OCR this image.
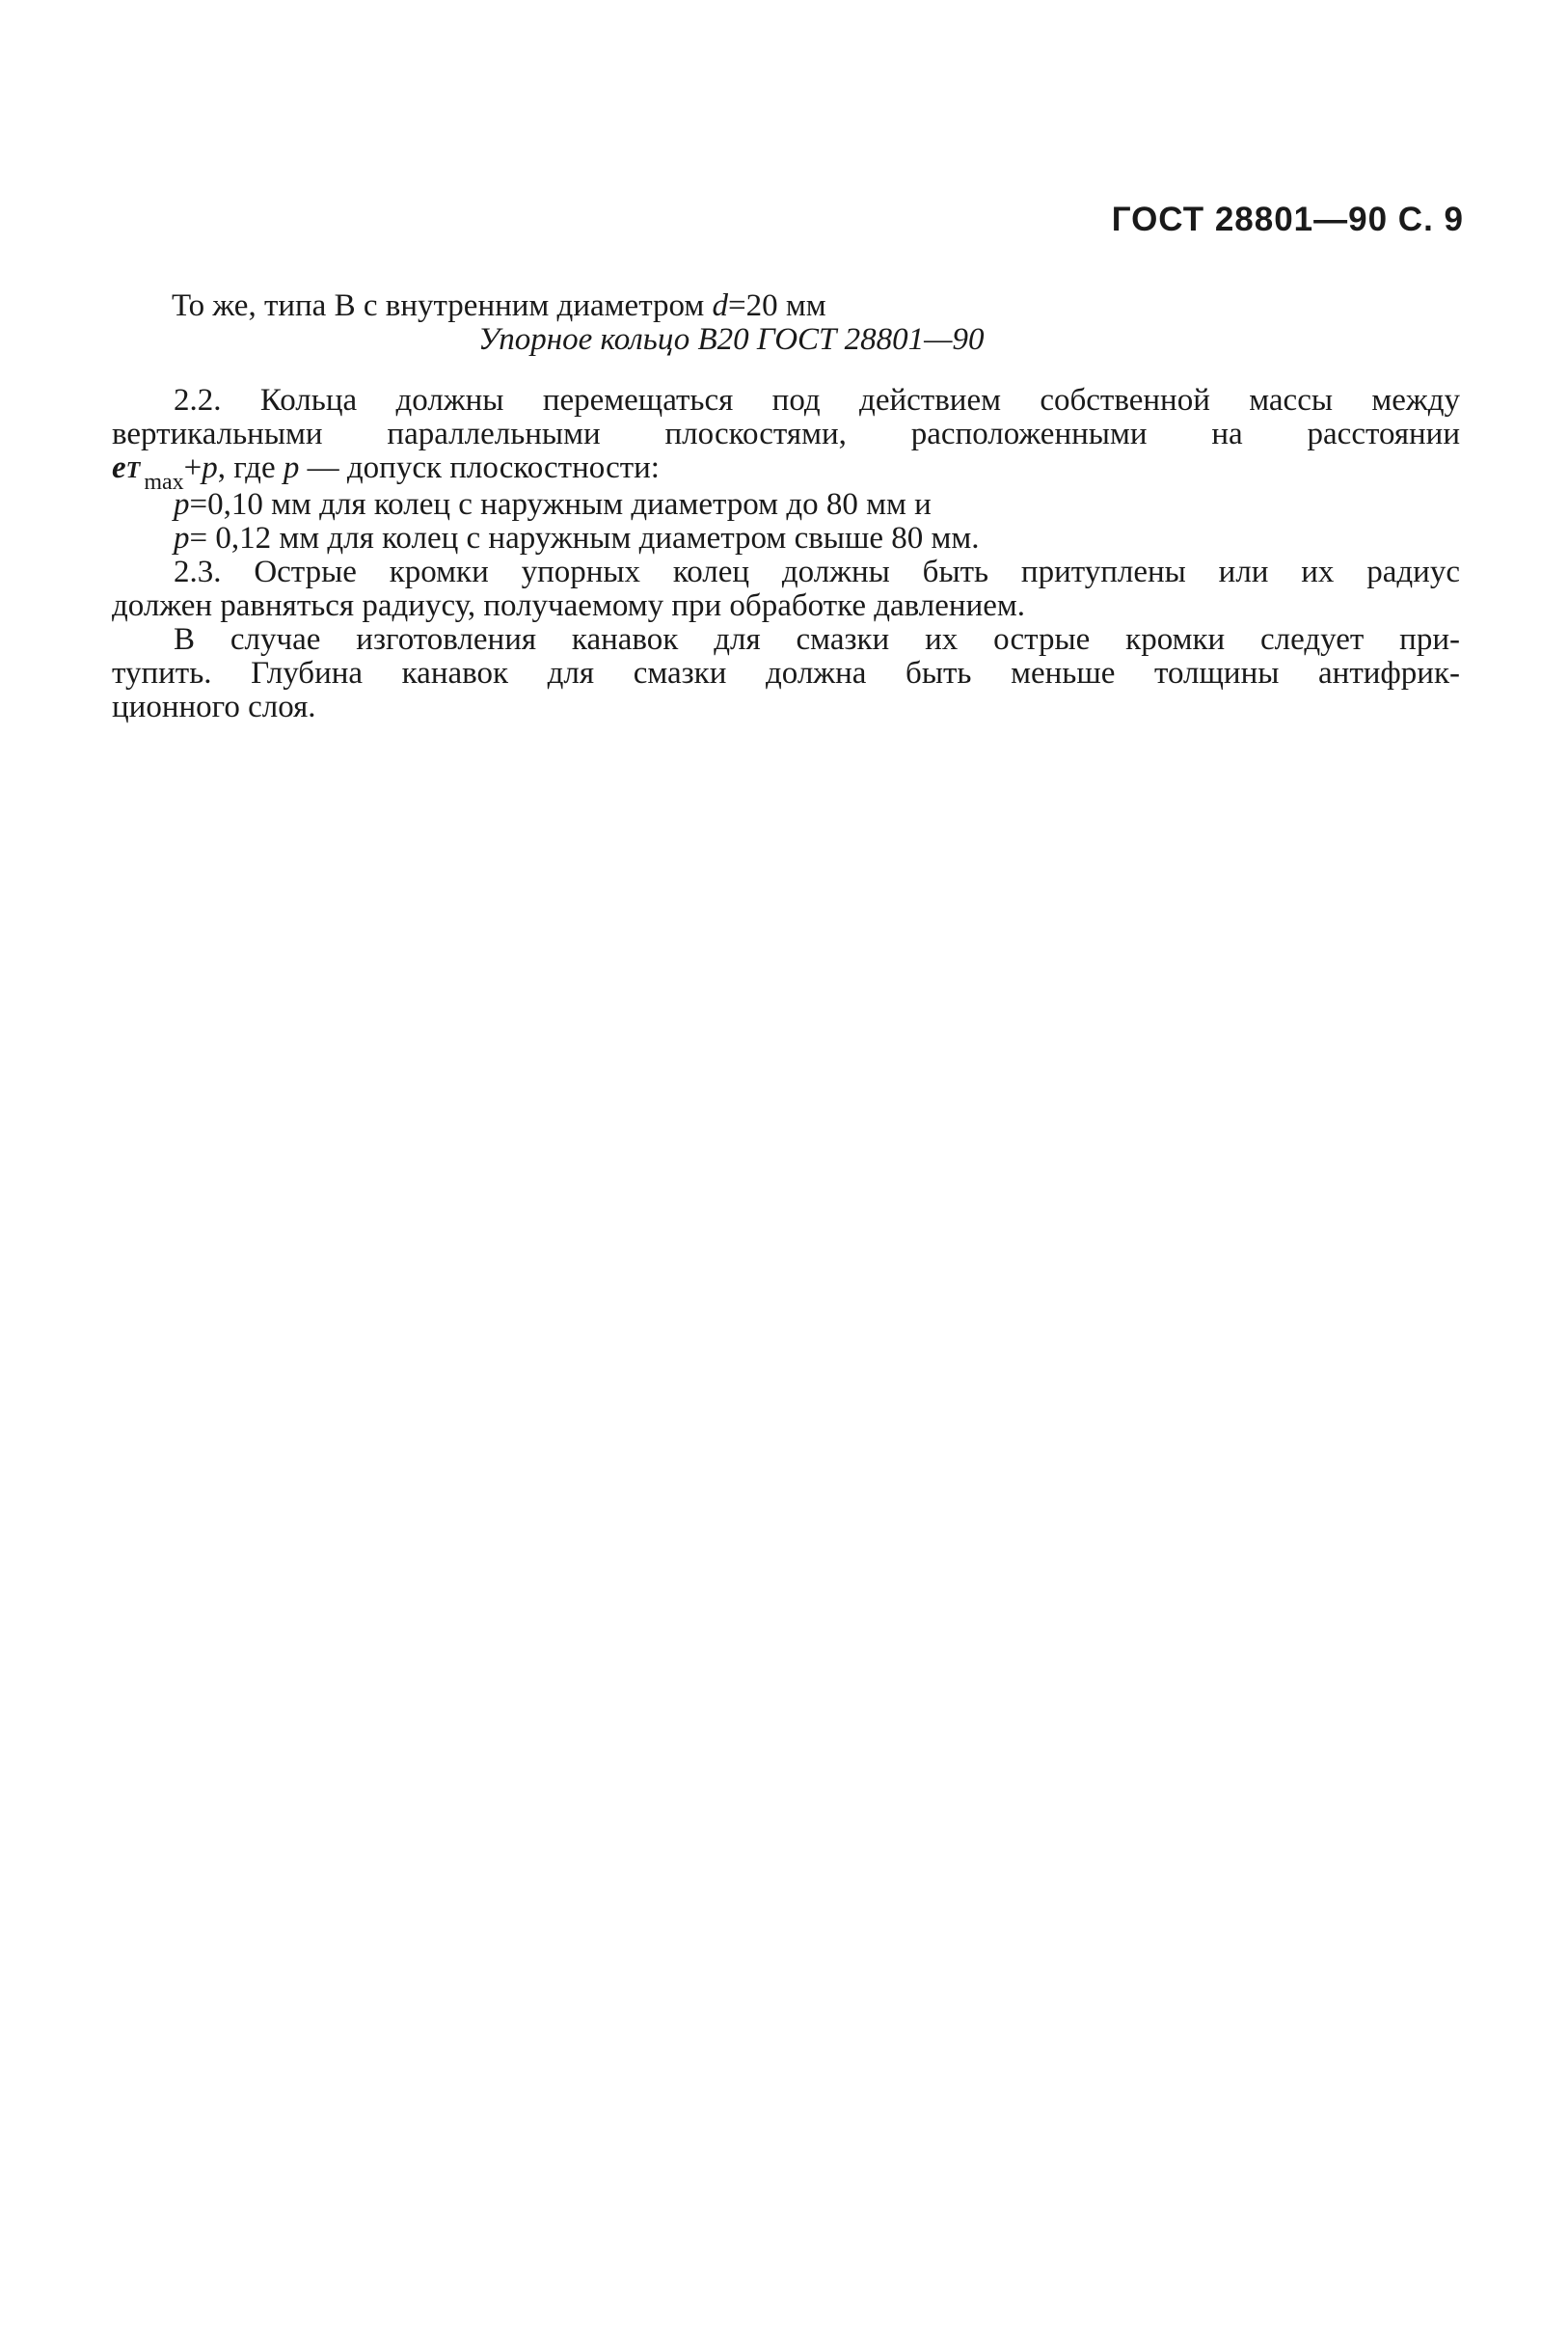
ГОСТ 28801—90 С. 9
То же, типа В с внутренним диаметром d=20 мм
Упорное кольцо В20 ГОСТ 28801—90
2.2. Кольца должны перемещаться под действием собственной массы между
вертикальными параллельными плоскостями, расположенными на расстоянии
eT $_{max}$+p, где p — допуск плоскостности:
p=0,10 мм для колец с наружным диаметром до 80 мм и
p= 0,12 мм для колец с наружным диаметром свыше 80 мм.
2.3. Острые кромки упорных колец должны быть притуплены или их радиус
должен равняться радиусу, получаемому при обработке давлением.
В случае изготовления канавок для смазки их острые кромки следует при-
тупить. Глубина канавок для смазки должна быть меньше толщины антифрик-
ционного слоя.
